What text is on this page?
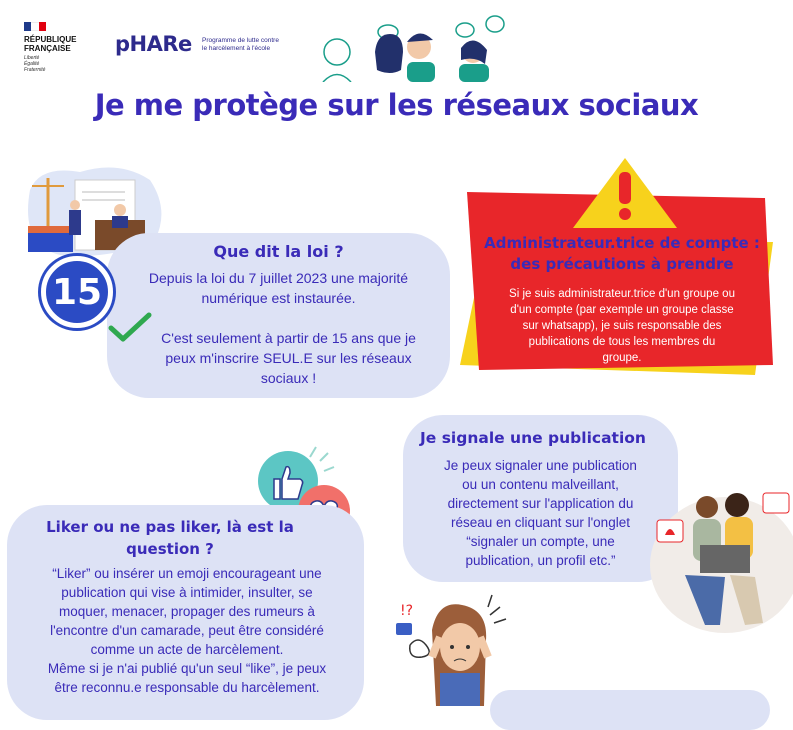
RÉPUBLIQUE
FRANÇAISE
Liberté
Égalité
Fraternité
pHARe Programme de lutte contre
le harcèlement à l'école
Je me protège sur les réseaux sociaux
15
Que dit la loi ?
Depuis la loi du 7 juillet 2023 une majorité
numérique est instaurée.
C'est seulement à partir de 15 ans que je
peux m'inscrire SEUL.E sur les réseaux
sociaux !
Administrateur.trice de compte :
des précautions à prendre
Si je suis administrateur.trice d'un groupe ou
d'un compte (par exemple un groupe classe
sur whatsapp), je suis responsable des
publications de tous les membres du
groupe.
Je signale une publication
Je peux signaler une publication
ou un contenu malveillant,
directement sur l'application du
réseau en cliquant sur l'onglet
“signaler un compte, une
publication, un profil etc.”
Liker ou ne pas liker, là est la
question ?
“Liker” ou insérer un emoji encourageant une
publication qui vise à intimider, insulter, se
moquer, menacer, propager des rumeurs à
l'encontre d'un camarade, peut être considéré
comme un acte de harcèlement.
Même si je n'ai publié qu'un seul “like”, je peux
être reconnu.e responsable du harcèlement.
!?
